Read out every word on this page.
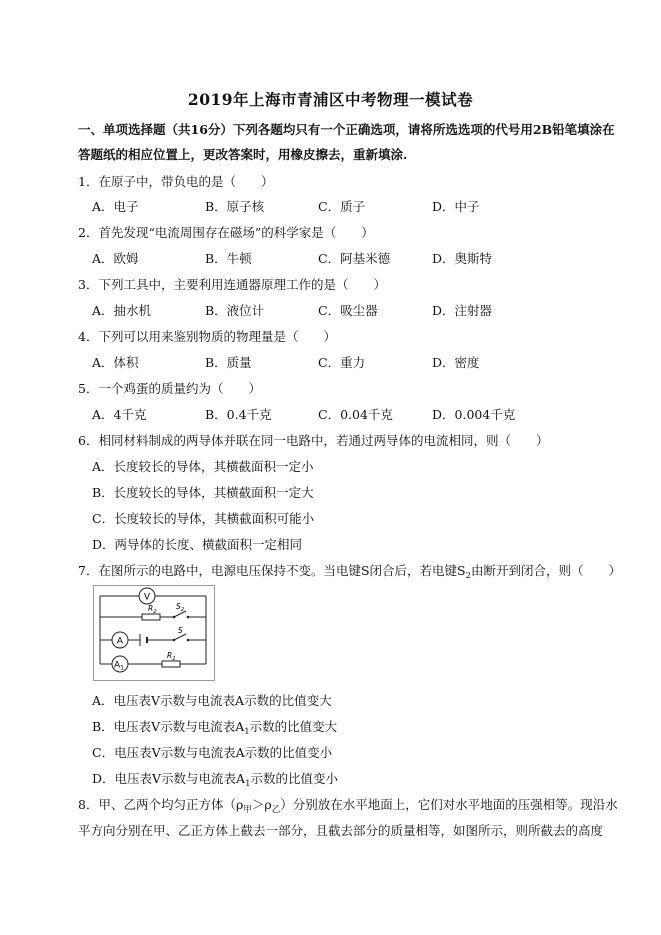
2019年上海市青浦区中考物理一模试卷
一、单项选择题（共16分）下列各题均只有一个正确选项，请将所选选项的代号用2B铅笔填涂在
答题纸的相应位置上，更改答案时，用橡皮擦去，重新填涂.
1．在原子中，带负电的是（　　）
A．电子	B．原子核	C．质子	D．中子
2．首先发现“电流周围存在磁场”的科学家是（　　）
A．欧姆	B．牛顿	C．阿基米德	D．奥斯特
3．下列工具中，主要利用连通器原理工作的是（　　）
A．抽水机	B．液位计	C．吸尘器	D．注射器
4．下列可以用来鉴别物质的物理量是（　　）
A．体积	B．质量	C．重力	D．密度
5．一个鸡蛋的质量约为（　　）
A．4千克	B．0.4千克	C．0.04千克	D．0.004千克
6．相同材料制成的两导体并联在同一电路中，若通过两导体的电流相同，则（　　）
A．长度较长的导体，其横截面积一定小
B．长度较长的导体，其横截面积一定大
C．长度较长的导体，其横截面积可能小
D．两导体的长度、横截面积一定相同
7．在图所示的电路中，电源电压保持不变。当电键S闭合后，若电键$S_2$由断开到闭合，则（　　）
V
$R_2$
$S_2$
A
S
$A_1$
$R_1$
A．电压表V示数与电流表A示数的比值变大
B．电压表V示数与电流表$A_1$示数的比值变大
C．电压表V示数与电流表A示数的比值变小
D．电压表V示数与电流表$A_1$示数的比值变小
8．甲、乙两个均匀正方体$(\rho_甲>\rho_乙)$分别放在水平地面上，它们对水平地面的压强相等。现沿水
平方向分别在甲、乙正方体上截去一部分，且截去部分的质量相等，如图所示，则所截去的高度
